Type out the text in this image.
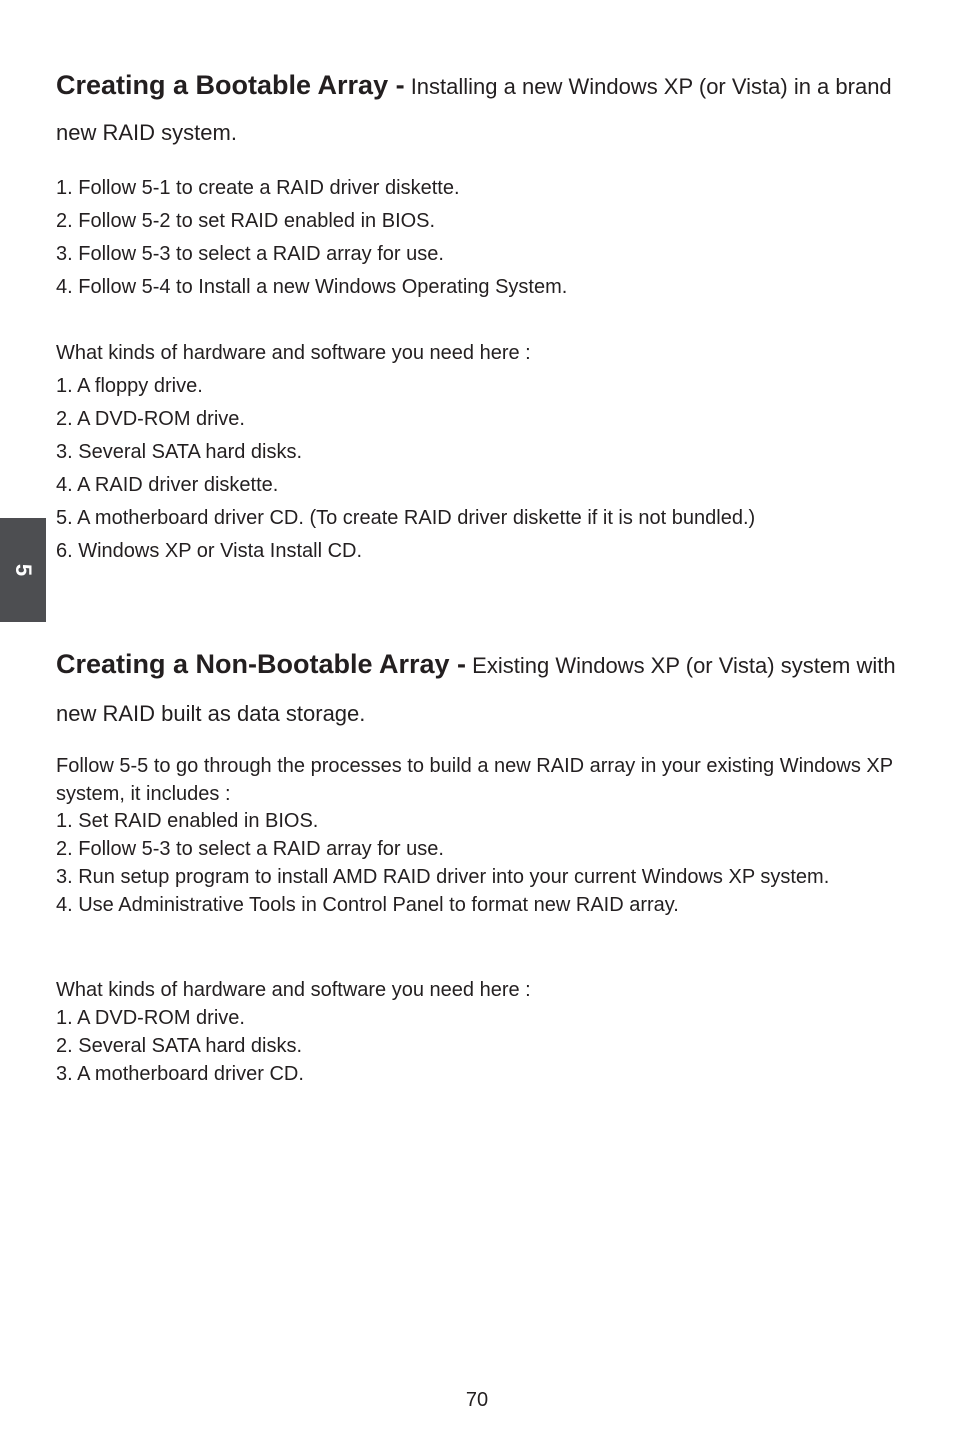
5
Creating a Bootable Array - Installing a new Windows XP (or Vista) in a brand new RAID system.
1. Follow 5-1 to create a RAID driver diskette.
2. Follow 5-2 to set RAID enabled in BIOS.
3. Follow 5-3 to select a RAID array for use.
4. Follow 5-4 to Install a new Windows Operating System.
What kinds of hardware and software you need here :
1. A floppy drive.
2. A DVD-ROM drive.
3. Several SATA hard disks.
4. A RAID driver diskette.
5. A motherboard driver CD. (To create RAID driver diskette if it is not bundled.)
6. Windows XP or Vista Install CD.
Creating a Non-Bootable Array - Existing Windows XP (or Vista) system with new RAID built as data storage.

Follow 5-5 to go through the processes to build a new RAID array in your existing Windows XP system, it includes :

1. Set RAID enabled in BIOS.
2. Follow 5-3 to select a RAID array for use.
3. Run setup program to install AMD RAID driver into your current Windows XP system.
4. Use Administrative Tools in Control Panel to format new RAID array.
What kinds of hardware and software you need here :
1. A DVD-ROM drive.
2. Several SATA hard disks.
3. A motherboard driver CD.
70
